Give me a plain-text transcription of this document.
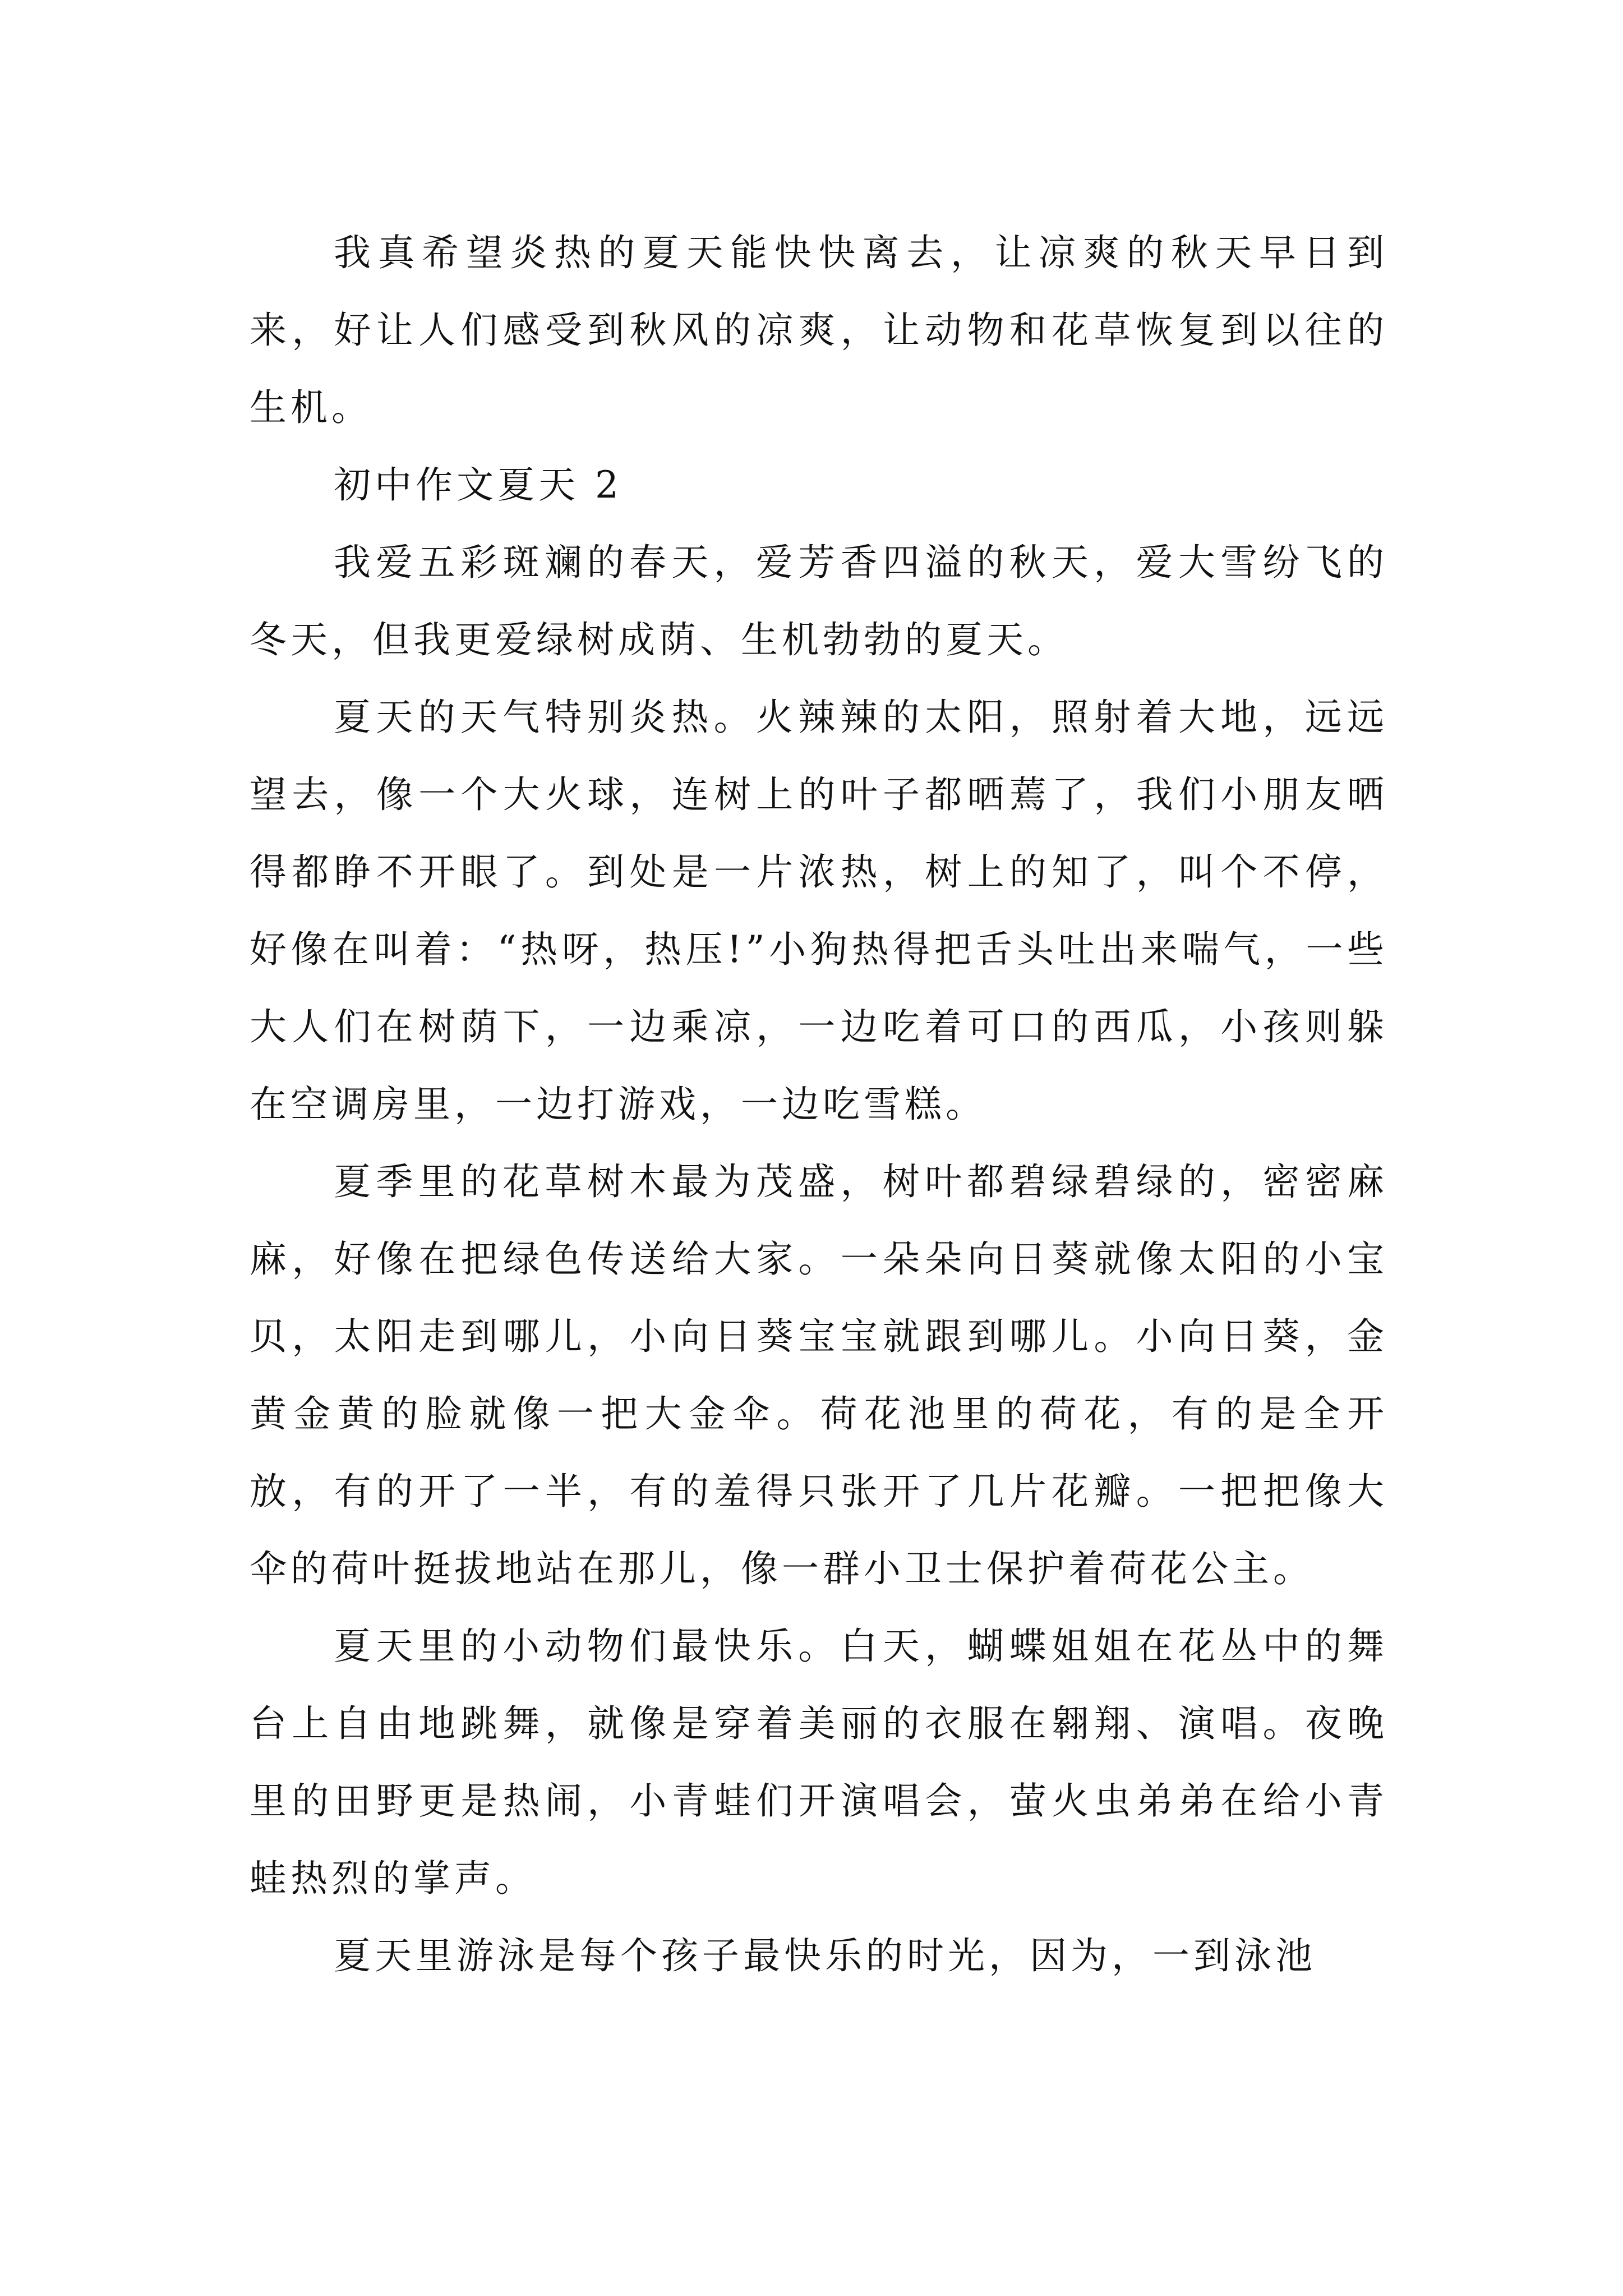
我真希望炎热的夏天能快快离去，让凉爽的秋天早日到来，好让人们感受到秋风的凉爽，让动物和花草恢复到以往的生机。

初中作文夏天 2

我爱五彩斑斓的春天，爱芳香四溢的秋天，爱大雪纷飞的冬天，但我更爱绿树成荫、生机勃勃的夏天。

夏天的天气特别炎热。火辣辣的太阳，照射着大地，远远望去，像一个大火球，连树上的叶子都晒蔫了，我们小朋友晒得都睁不开眼了。到处是一片浓热，树上的知了，叫个不停，好像在叫着：“热呀，热压!”小狗热得把舌头吐出来喘气，一些大人们在树荫下，一边乘凉，一边吃着可口的西瓜，小孩则躲在空调房里，一边打游戏，一边吃雪糕。

夏季里的花草树木最为茂盛，树叶都碧绿碧绿的，密密麻麻，好像在把绿色传送给大家。一朵朵向日葵就像太阳的小宝贝，太阳走到哪儿，小向日葵宝宝就跟到哪儿。小向日葵，金黄金黄的脸就像一把大金伞。荷花池里的荷花，有的是全开放，有的开了一半，有的羞得只张开了几片花瓣。一把把像大伞的荷叶挺拔地站在那儿，像一群小卫士保护着荷花公主。

夏天里的小动物们最快乐。白天，蝴蝶姐姐在花丛中的舞台上自由地跳舞，就像是穿着美丽的衣服在翱翔、演唱。夜晚里的田野更是热闹，小青蛙们开演唱会，萤火虫弟弟在给小青蛙热烈的掌声。

夏天里游泳是每个孩子最快乐的时光，因为，一到泳池
